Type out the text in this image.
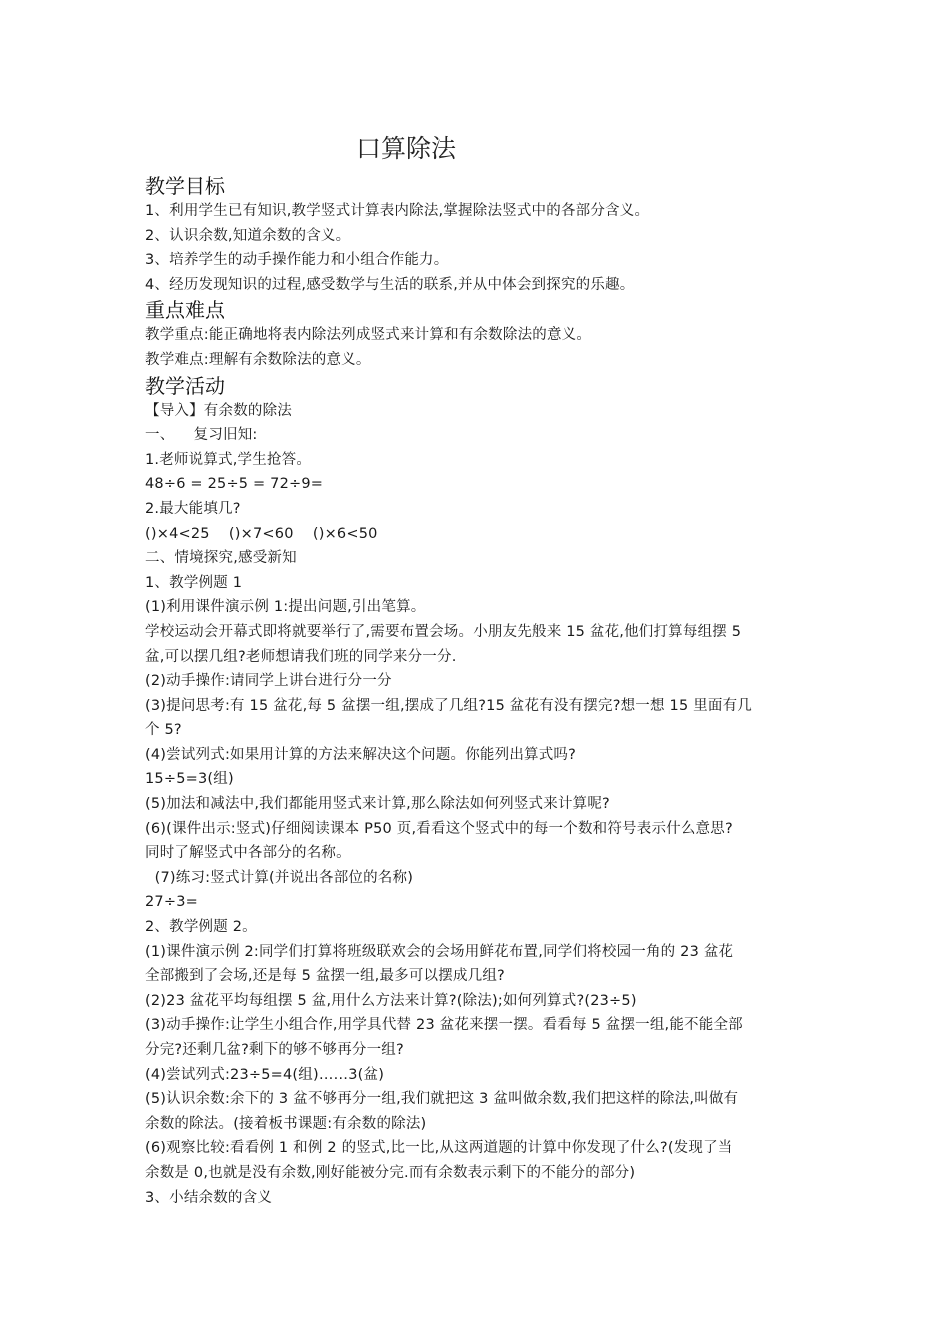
口算除法
教学目标
1、利用学生已有知识,教学竖式计算表内除法,掌握除法竖式中的各部分含义。
2、认识余数,知道余数的含义。
3、培养学生的动手操作能力和小组合作能力。
4、经历发现知识的过程,感受数学与生活的联系,并从中体会到探究的乐趣。
重点难点
教学重点:能正确地将表内除法列成竖式来计算和有余数除法的意义。
教学难点:理解有余数除法的意义。
教学活动
【导入】有余数的除法
一、    复习旧知:
1.老师说算式,学生抢答。
48÷6 = 25÷5 = 72÷9=
2.最大能填几?
()×4<25    ()×7<60    ()×6<50
二、情境探究,感受新知
1、教学例题 1
(1)利用课件演示例 1:提出问题,引出笔算。
学校运动会开幕式即将就要举行了,需要布置会场。小朋友先般来 15 盆花,他们打算每组摆 5
盆,可以摆几组?老师想请我们班的同学来分一分.
(2)动手操作:请同学上讲台进行分一分
(3)提问思考:有 15 盆花,每 5 盆摆一组,摆成了几组?15 盆花有没有摆完?想一想 15 里面有几
个 5?
(4)尝试列式:如果用计算的方法来解决这个问题。你能列出算式吗?
15÷5=3(组)
(5)加法和减法中,我们都能用竖式来计算,那么除法如何列竖式来计算呢?
(6)(课件出示:竖式)仔细阅读课本 P50 页,看看这个竖式中的每一个数和符号表示什么意思?
同时了解竖式中各部分的名称。
(7)练习:竖式计算(并说出各部位的名称)
27÷3=
2、教学例题 2。
(1)课件演示例 2:同学们打算将班级联欢会的会场用鲜花布置,同学们将校园一角的 23 盆花
全部搬到了会场,还是每 5 盆摆一组,最多可以摆成几组?
(2)23 盆花平均每组摆 5 盆,用什么方法来计算?(除法);如何列算式?(23÷5)
(3)动手操作:让学生小组合作,用学具代替 23 盆花来摆一摆。看看每 5 盆摆一组,能不能全部
分完?还剩几盆?剩下的够不够再分一组?
(4)尝试列式:23÷5=4(组)……3(盆)
(5)认识余数:余下的 3 盆不够再分一组,我们就把这 3 盆叫做余数,我们把这样的除法,叫做有
余数的除法。(接着板书课题:有余数的除法)
(6)观察比较:看看例 1 和例 2 的竖式,比一比,从这两道题的计算中你发现了什么?(发现了当
余数是 0,也就是没有余数,刚好能被分完.而有余数表示剩下的不能分的部分)
3、小结余数的含义
